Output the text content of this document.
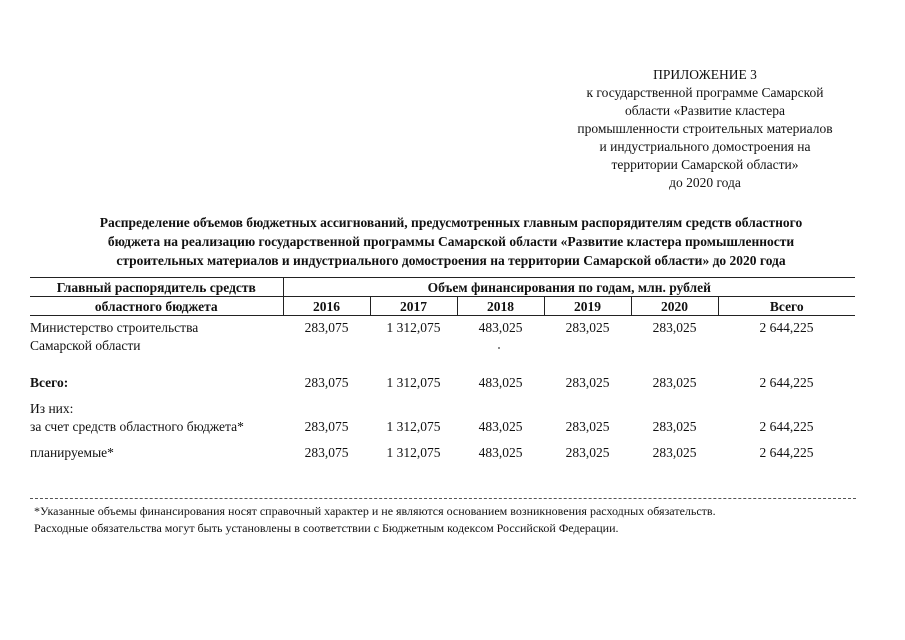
ПРИЛОЖЕНИЕ 3
к государственной программе Самарской
области «Развитие кластера
промышленности строительных материалов
и индустриального домостроения на
территории Самарской области»
до 2020 года
Распределение объемов бюджетных ассигнований, предусмотренных главным распорядителям средств областного
бюджета на реализацию государственной программы Самарской области «Развитие кластера промышленности
строительных материалов и индустриального домостроения на территории Самарской области» до 2020 года
Главный распорядитель средств	Объем финансирования по годам, млн. рублей					
областного бюджета	2016	2017	2018	2019	2020	Всего
Министерство строительства
Самарской области	283,075	1 312,075	483,025	283,025	283,025	2 644,225
Всего:	283,075	1 312,075	483,025	283,025	283,025	2 644,225
Из них:						
за счет средств областного бюджета*	283,075	1 312,075	483,025	283,025	283,025	2 644,225
планируемые*	283,075	1 312,075	483,025	283,025	283,025	2 644,225
*Указанные объемы финансирования носят справочный характер и не являются основанием возникновения расходных обязательств.
Расходные обязательства могут быть установлены в соответствии с Бюджетным кодексом Российской Федерации.
